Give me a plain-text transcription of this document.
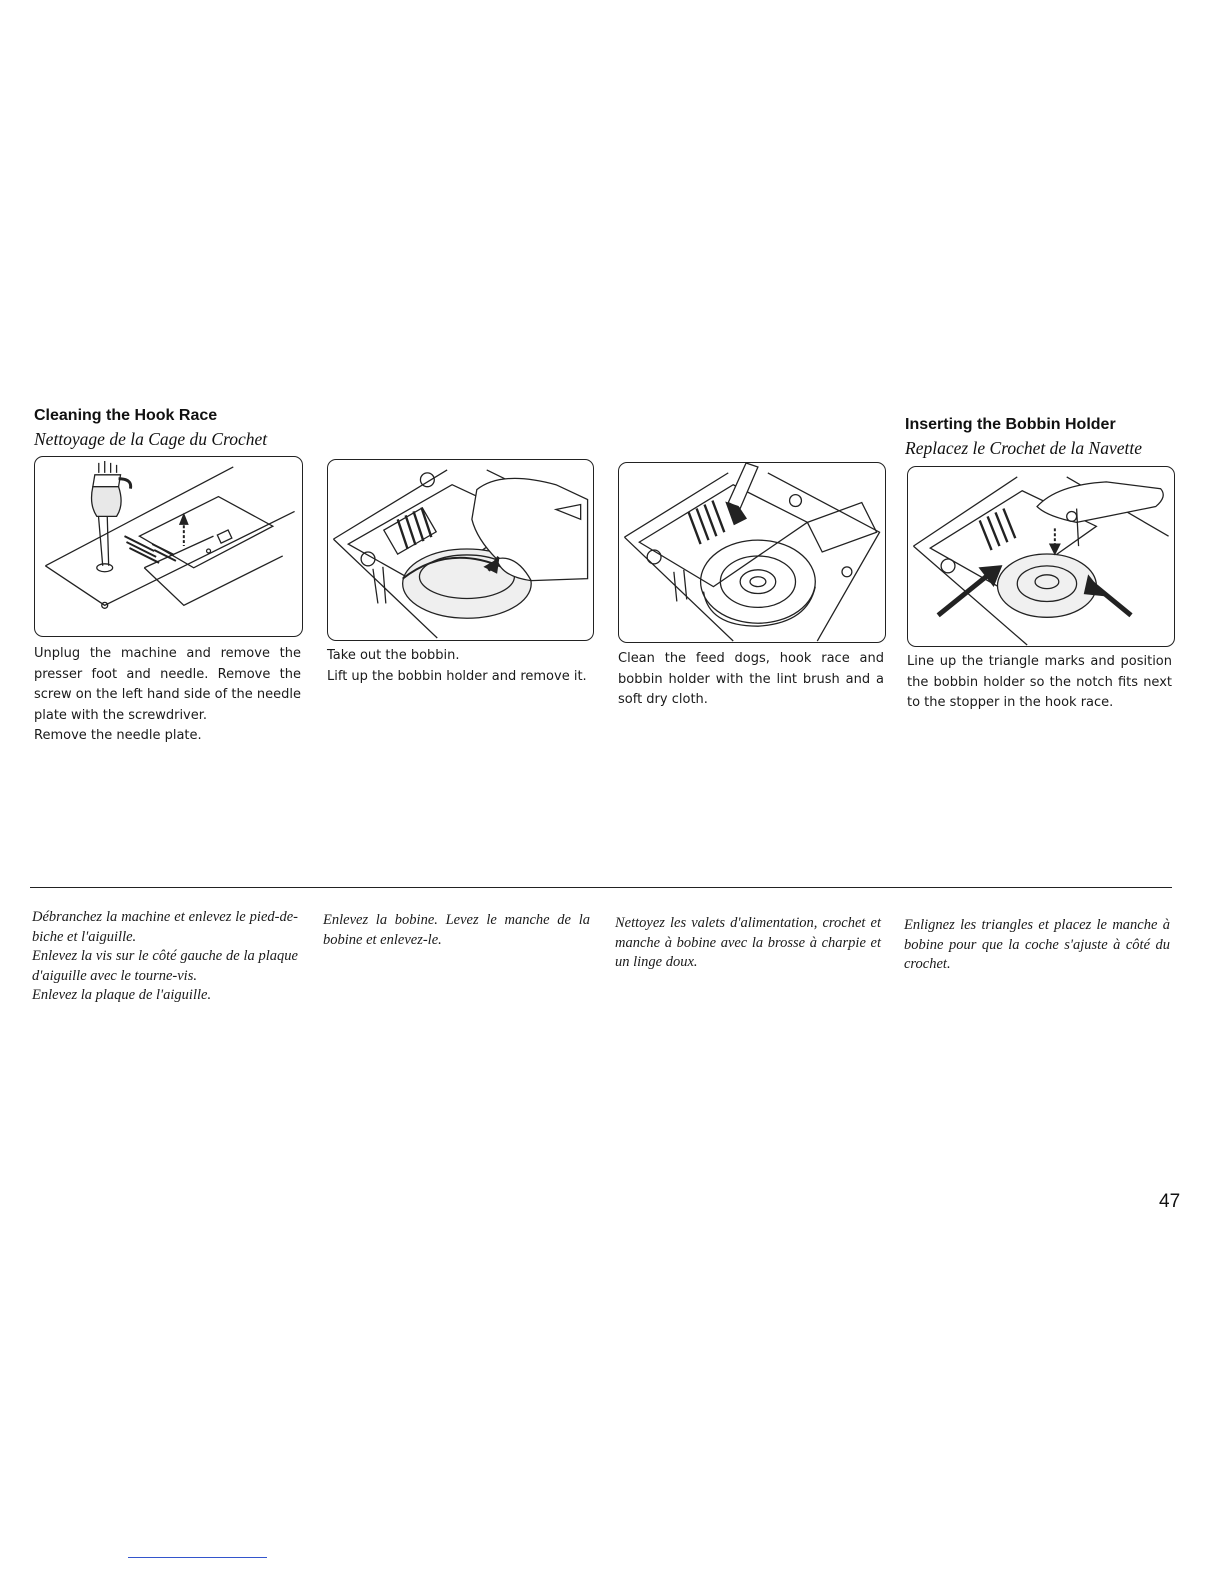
Cleaning the Hook Race
Nettoyage de la Cage du Crochet
Inserting the Bobbin Holder
Replacez le Crochet de la Navette

Unplug the machine and remove the presser foot and needle. Remove the screw on the left hand side of the needle plate with the screwdriver.

Remove the needle plate.

Take out the bobbin.

Lift up the bobbin holder and remove it.

Clean the feed dogs, hook race and bobbin holder with the lint brush and a soft dry cloth.

Line up the triangle marks and position the bobbin holder so the notch fits next to the stopper in the hook race.

Débranchez la machine et enlevez le pied-de-biche et l'aiguille.

Enlevez la vis sur le côté gauche de la plaque d'aiguille avec le tourne-vis.

Enlevez la plaque de l'aiguille.

Enlevez la bobine. Levez le manche de la bobine et enlevez-le.

Nettoyez les valets d'alimentation, crochet et manche à bobine avec la brosse à charpie et un linge doux.

Enlignez les triangles et placez le manche à bobine pour que la coche s'ajuste à côté du crochet.

47
